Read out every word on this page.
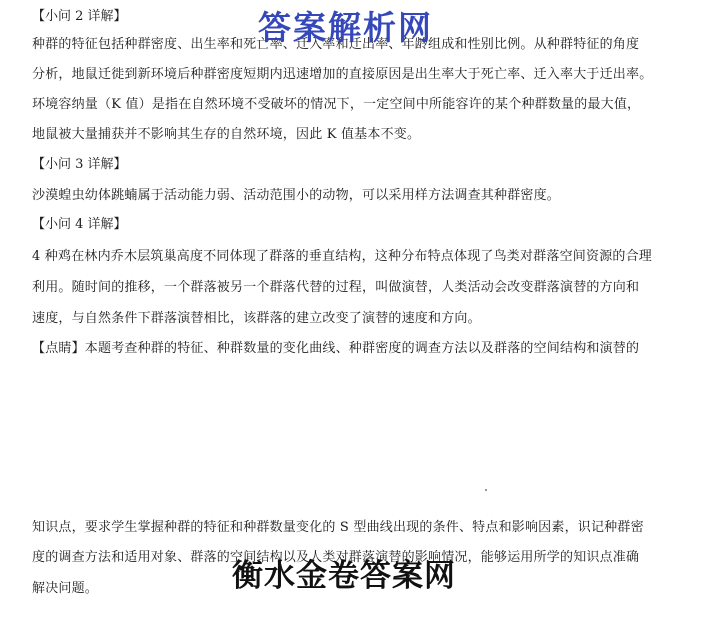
【小问 2 详解】
种群的特征包括种群密度、出生率和死亡率、迁入率和迁出率、年龄组成和性别比例。从种群特征的角度
分析，地鼠迁徙到新环境后种群密度短期内迅速增加的直接原因是出生率大于死亡率、迁入率大于迁出率。
环境容纳量（K 值）是指在自然环境不受破坏的情况下，一定空间中所能容许的某个种群数量的最大值，
地鼠被大量捕获并不影响其生存的自然环境，因此 K 值基本不变。
【小问 3 详解】
沙漠蝗虫幼体跳蝻属于活动能力弱、活动范围小的动物，可以采用样方法调查其种群密度。
【小问 4 详解】
4 种鸡在林内乔木层筑巢高度不同体现了群落的垂直结构，这种分布特点体现了鸟类对群落空间资源的合理
利用。随时间的推移，一个群落被另一个群落代替的过程，叫做演替，人类活动会改变群落演替的方向和
速度，与自然条件下群落演替相比，该群落的建立改变了演替的速度和方向。
【点睛】本题考查种群的特征、种群数量的变化曲线、种群密度的调查方法以及群落的空间结构和演替的
知识点，要求学生掌握种群的特征和种群数量变化的 S 型曲线出现的条件、特点和影响因素，识记种群密
度的调查方法和适用对象、群落的空间结构以及人类对群落演替的影响情况，能够运用所学的知识点准确
解决问题。
答案解析网
衡水金卷答案网
